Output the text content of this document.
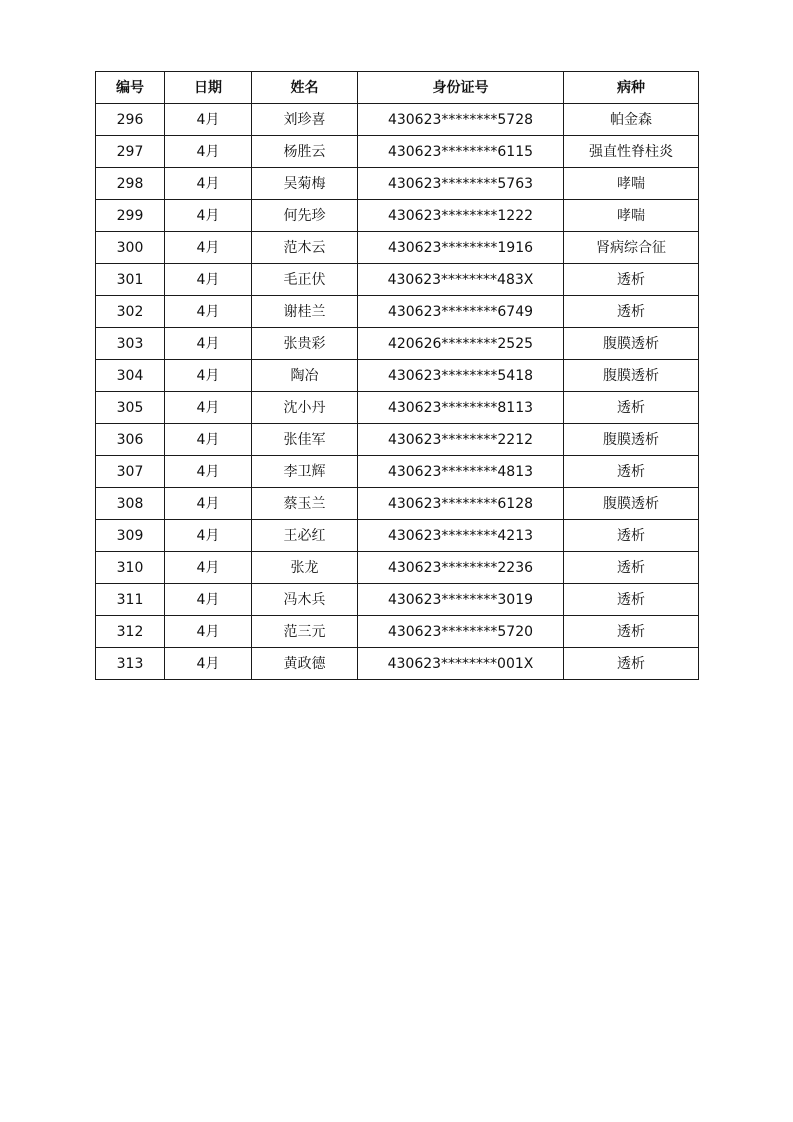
编号	日期	姓名	身份证号	病种
296	4月	刘珍喜	430623********5728	帕金森
297	4月	杨胜云	430623********6115	强直性脊柱炎
298	4月	吴菊梅	430623********5763	哮喘
299	4月	何先珍	430623********1222	哮喘
300	4月	范木云	430623********1916	肾病综合征
301	4月	毛正伏	430623********483X	透析
302	4月	谢桂兰	430623********6749	透析
303	4月	张贵彩	420626********2525	腹膜透析
304	4月	陶冶	430623********5418	腹膜透析
305	4月	沈小丹	430623********8113	透析
306	4月	张佳军	430623********2212	腹膜透析
307	4月	李卫辉	430623********4813	透析
308	4月	蔡玉兰	430623********6128	腹膜透析
309	4月	王必红	430623********4213	透析
310	4月	张龙	430623********2236	透析
311	4月	冯木兵	430623********3019	透析
312	4月	范三元	430623********5720	透析
313	4月	黄政德	430623********001X	透析
